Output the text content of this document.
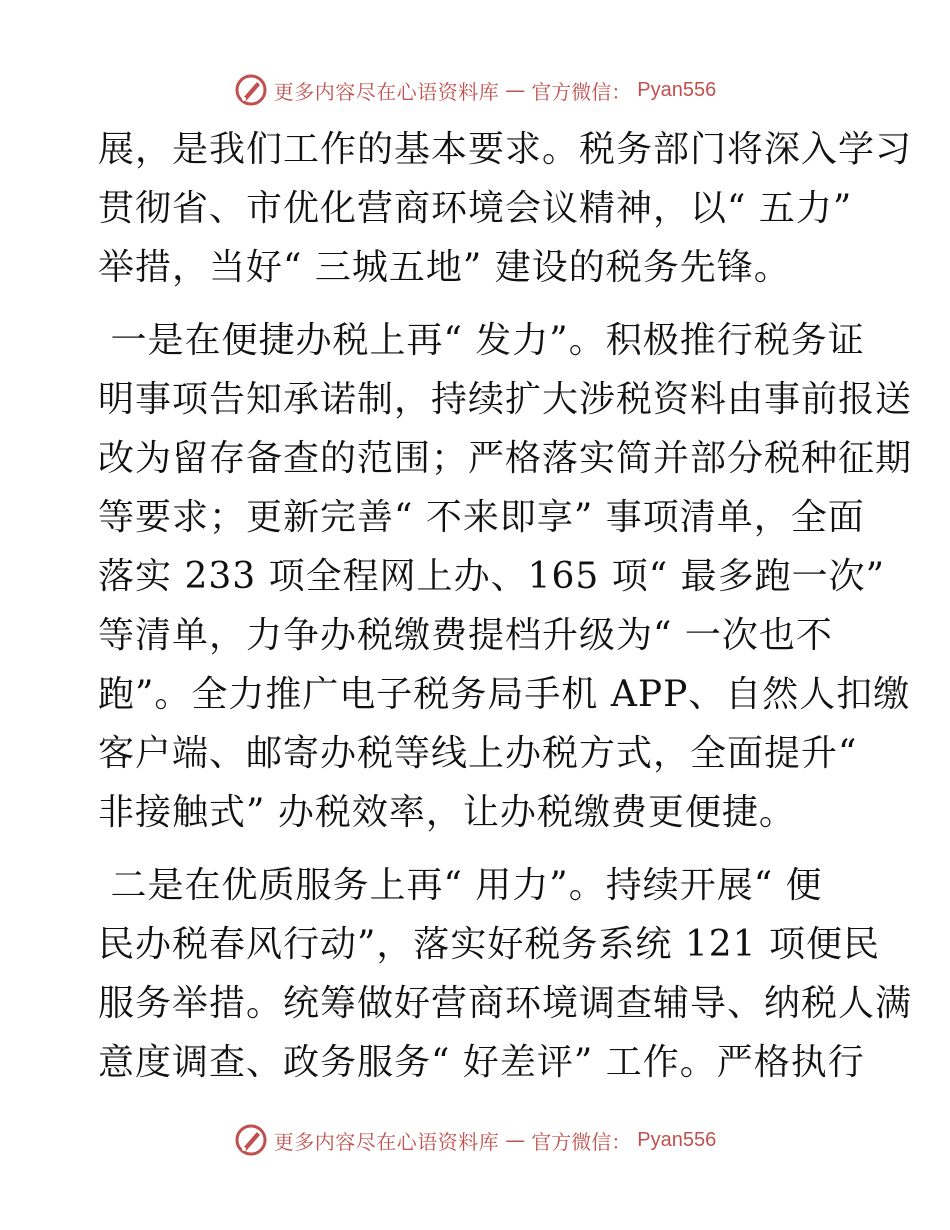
更多内容尽在心语资料库 — 官方微信： Pyan556
展，是我们工作的基本要求。税务部门将深入学习
贯彻省、市优化营商环境会议精神，以“ 五力”
举措，当好“ 三城五地” 建设的税务先锋。
一是在便捷办税上再“ 发力”。积极推行税务证
明事项告知承诺制，持续扩大涉税资料由事前报送
改为留存备查的范围；严格落实简并部分税种征期
等要求；更新完善“ 不来即享” 事项清单，全面
落实 233 项全程网上办、165 项“ 最多跑一次”
等清单，力争办税缴费提档升级为“ 一次也不
跑”。全力推广电子税务局手机 APP、自然人扣缴
客户端、邮寄办税等线上办税方式，全面提升“
非接触式” 办税效率，让办税缴费更便捷。
二是在优质服务上再“ 用力”。持续开展“ 便
民办税春风行动”，落实好税务系统 121 项便民
服务举措。统筹做好营商环境调查辅导、纳税人满
意度调查、政务服务“ 好差评” 工作。严格执行
更多内容尽在心语资料库 — 官方微信： Pyan556
